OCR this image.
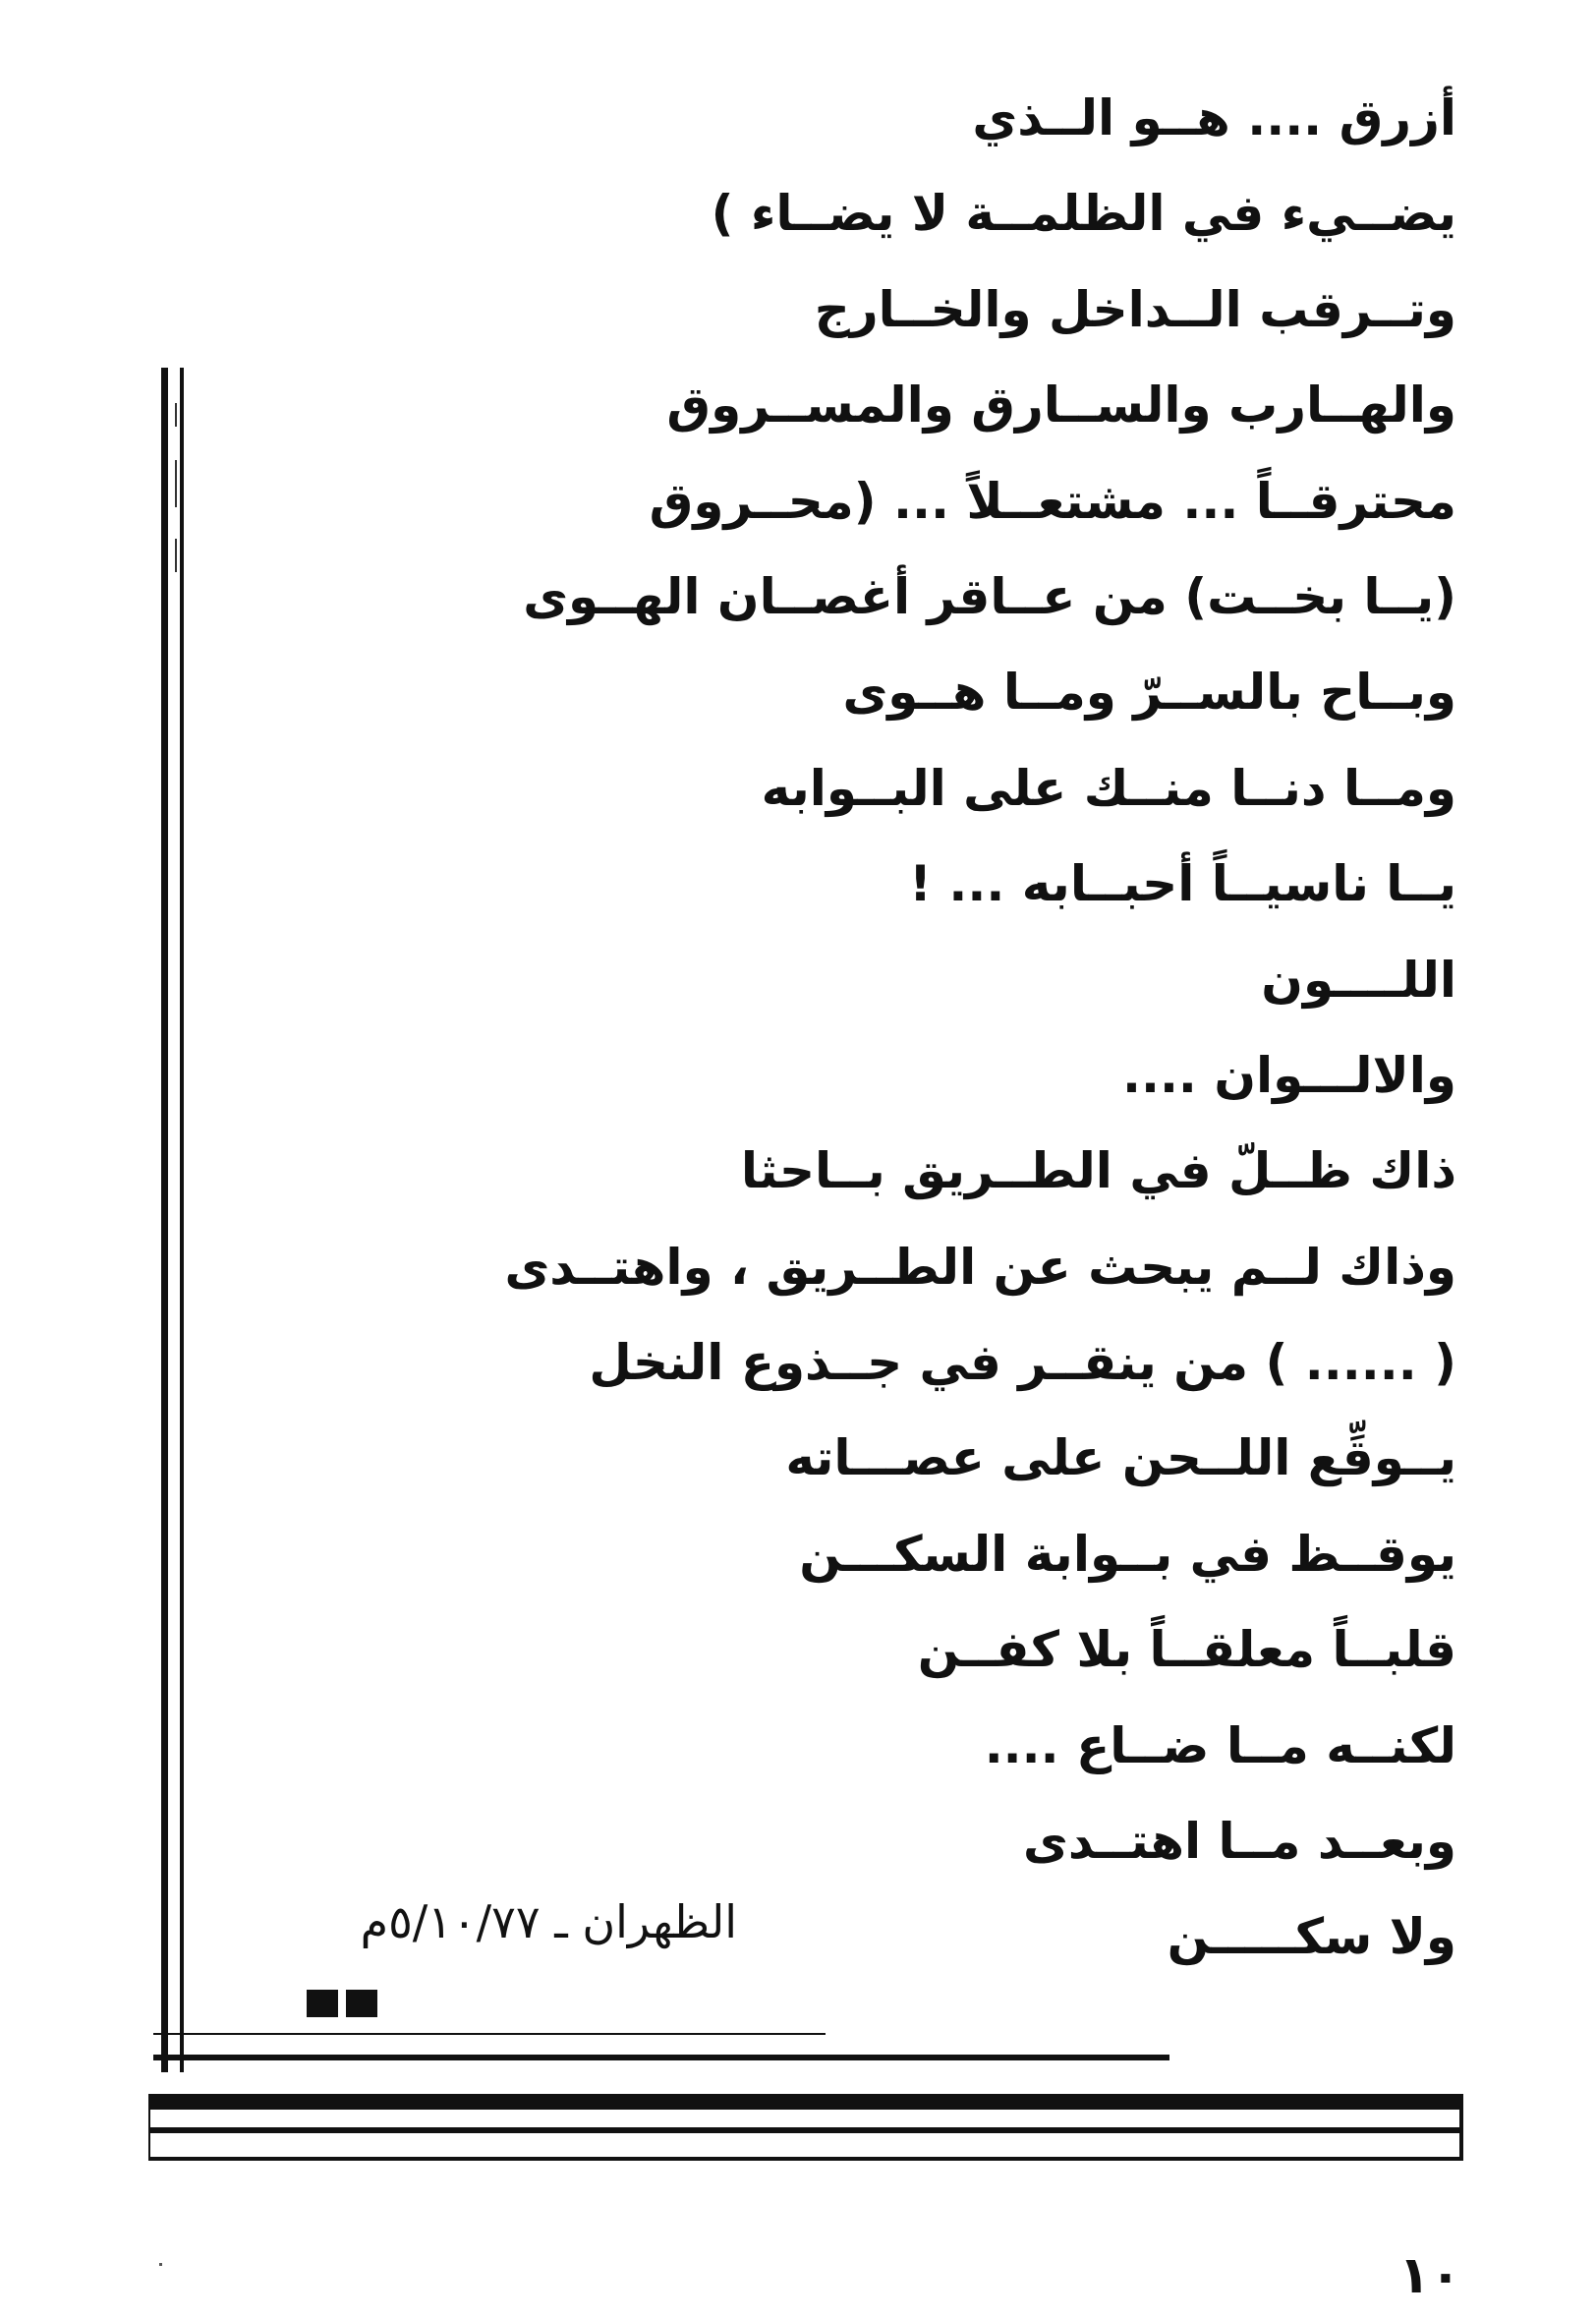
أزرق .... هــو الــذي
يضــيء في الظلمــة لا يضــاء )
وتــرقب الــداخل والخــارج
والهــارب والســارق والمســروق
محترقــاً ... مشتعــلاً ... (محــروق
(يــا بخــت) من عــاقر أغصــان الهــوى
وبــاح بالســرّ ومــا هــوى
ومــا دنــا منــك على البــوابه
يــا ناسيــاً أحبــابه ... !
اللــــون
والالـــوان ....
ذاك ظــلّ في الطــريق بــاحثا
وذاك لــم يبحث عن الطــريق ، واهتــدى
( ...... ) من ينقــر في جــذوع النخل
يــوقِّع اللــحن على عصـــاته
يوقــظ في بــوابة السكـــن
قلبــاً معلقــاً بلا كفــن
لكنــه مــا ضــاع ....
وبعــد مــا اهتــدى
ولا سكـــــن
الظهران ـ ٥/١٠/٧٧م
١٠
